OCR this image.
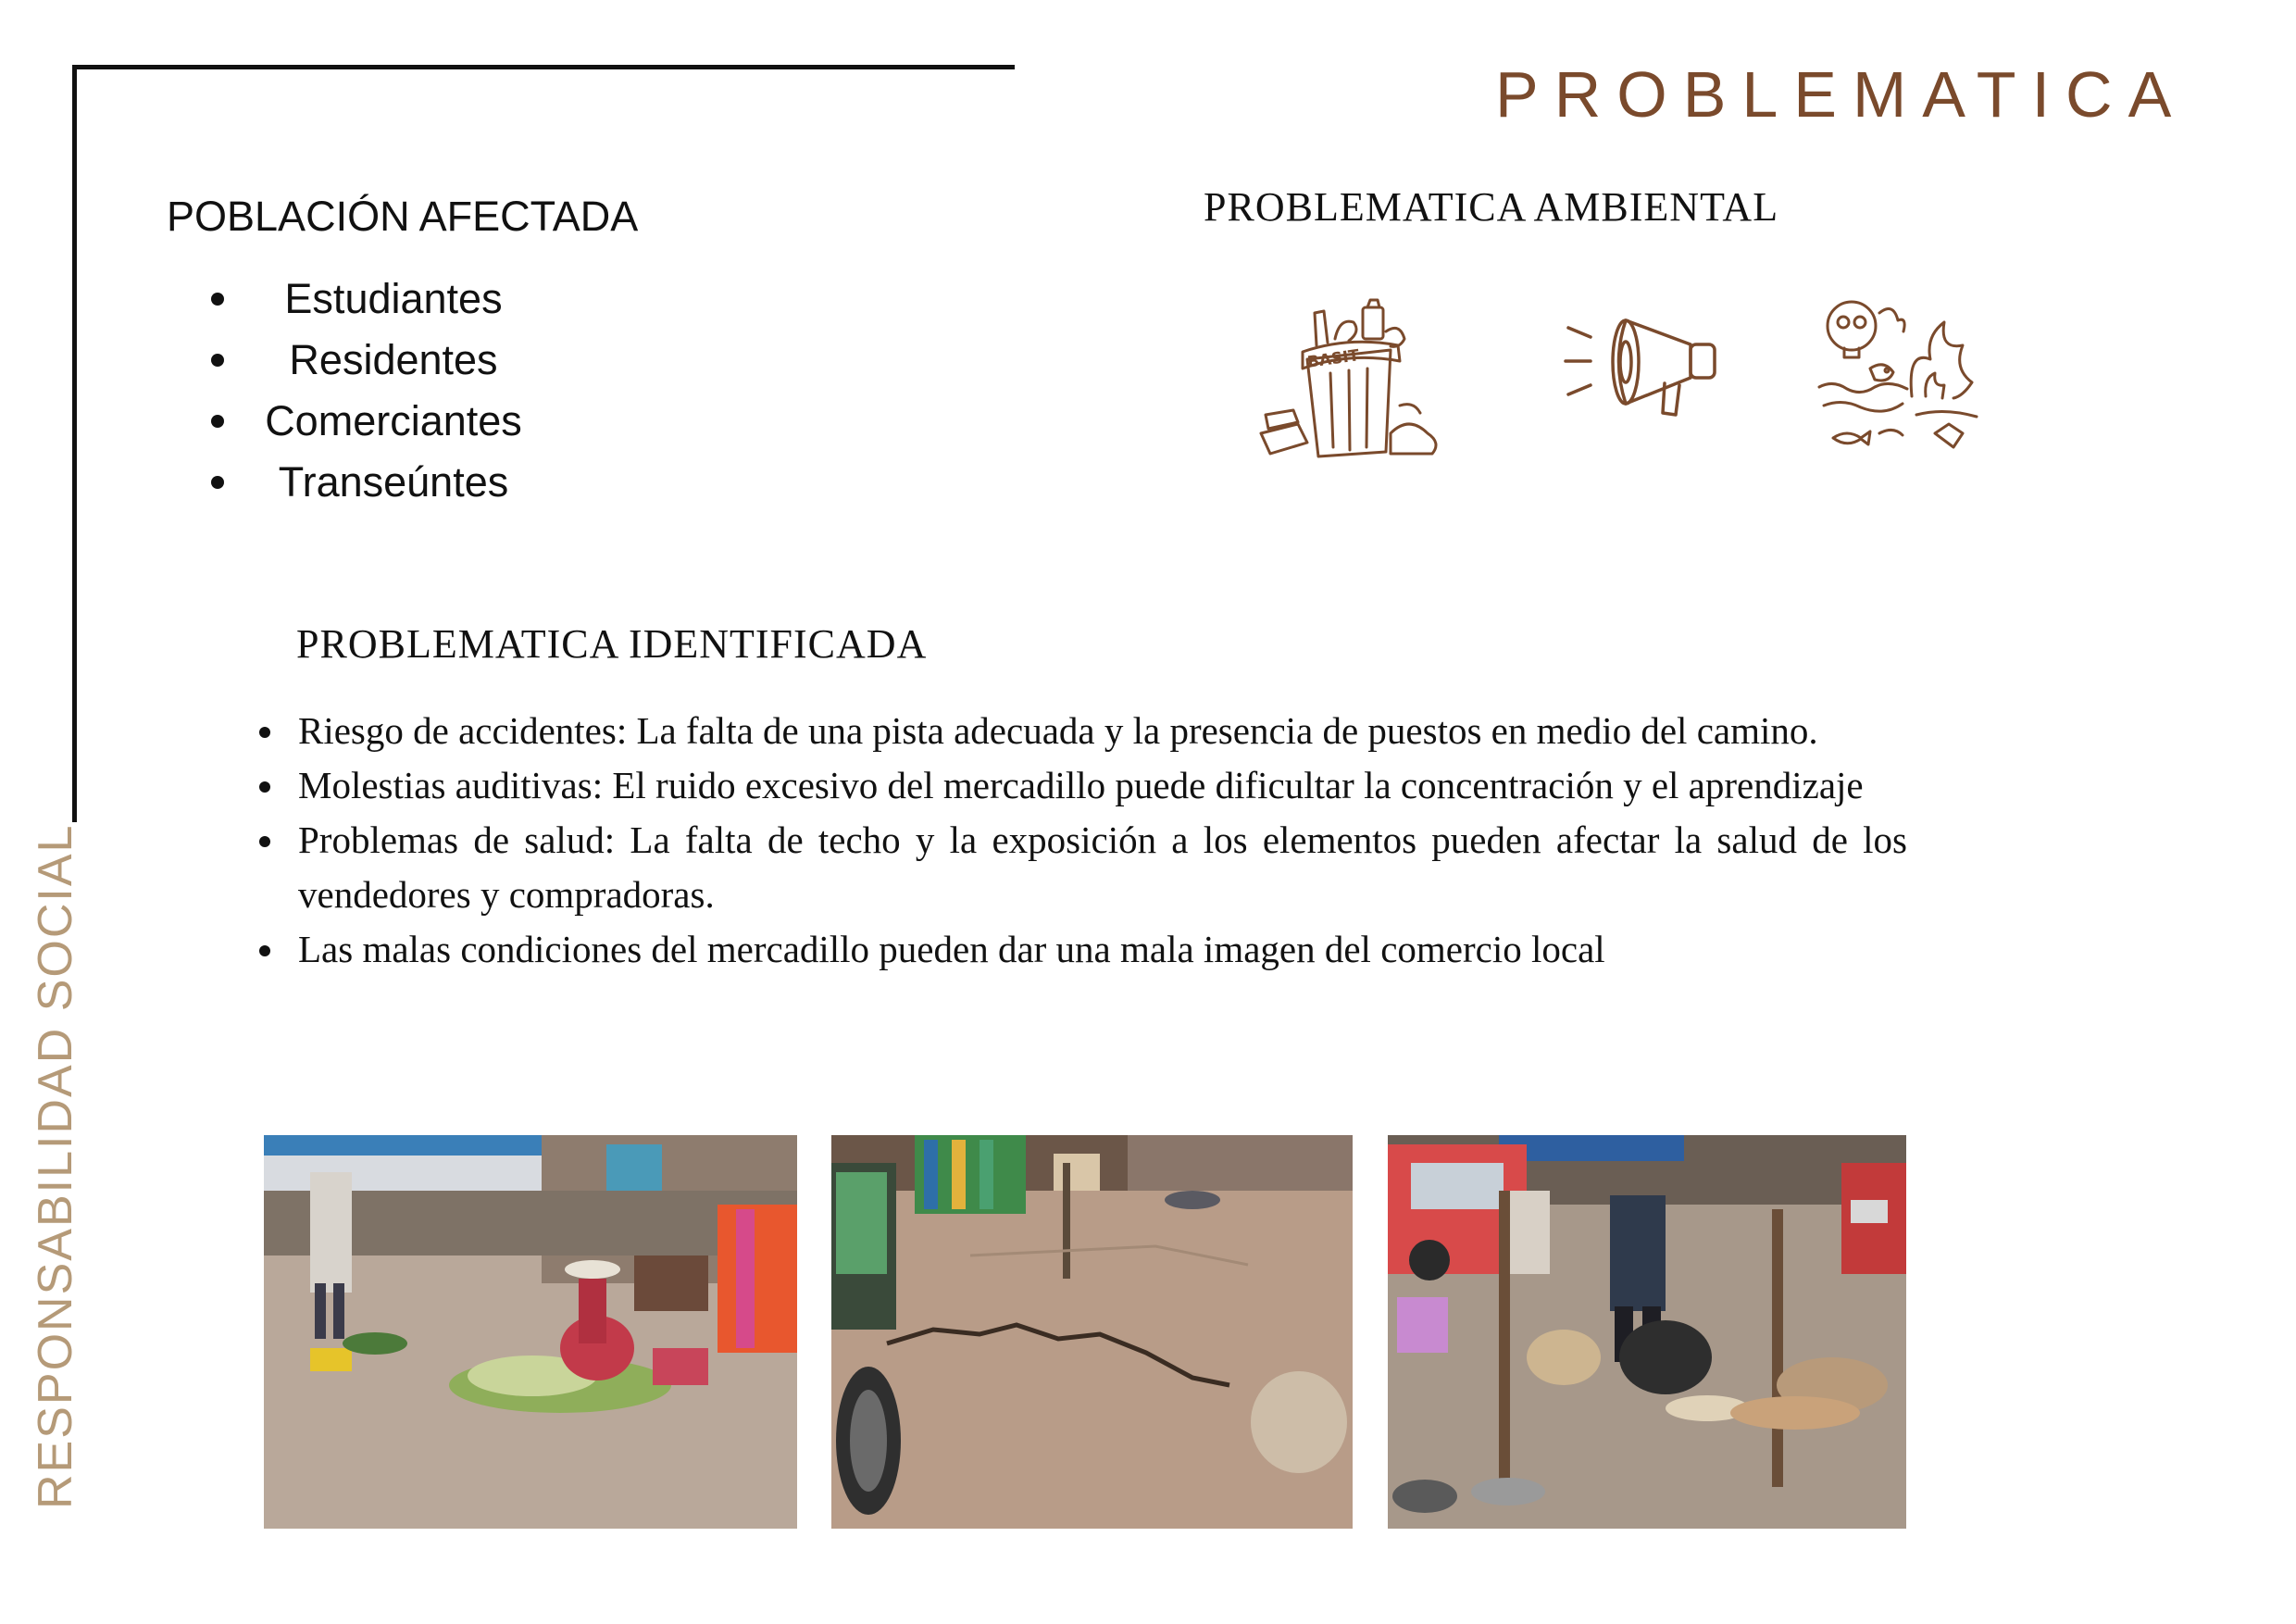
RESPONSABILIDAD SOCIAL
PROBLEMATICA
POBLACIÓN AFECTADA
Estudiantes
Residentes
Comerciantes
Transeúntes
PROBLEMATICA AMBIENTAL
BASIT
PROBLEMATICA IDENTIFICADA
Riesgo de accidentes: La falta de una pista adecuada y la presencia de puestos en medio del camino.
Molestias auditivas: El ruido excesivo del mercadillo puede dificultar la concentración y el aprendizaje
Problemas de salud: La falta de techo y la exposición a los elementos pueden afectar la salud de los vendedores y compradoras.
Las malas condiciones del mercadillo pueden dar una mala imagen del comercio local
